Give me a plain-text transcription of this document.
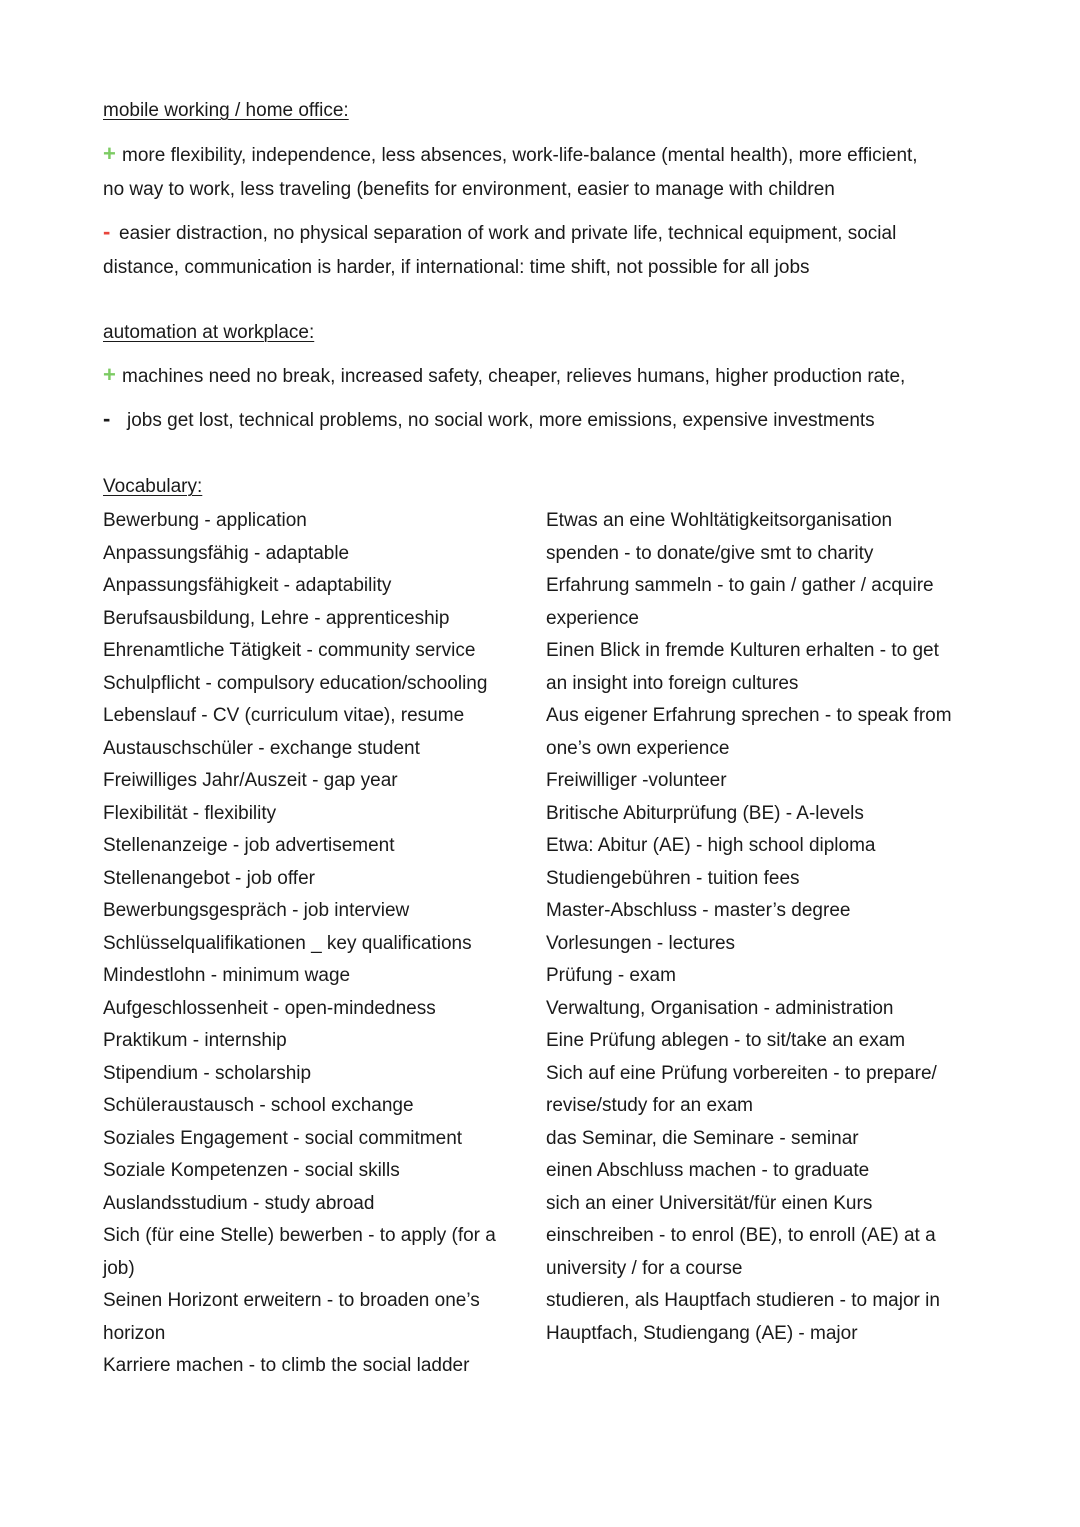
mobile working / home office:
+ more flexibility, independence, less absences, work-life-balance (mental health), more efficient,
no way to work, less traveling (benefits for environment, easier to manage with children
- easier distraction, no physical separation of work and private life, technical equipment, social
distance, communication is harder, if international: time shift, not possible for all jobs
automation at workplace:
+ machines need no break, increased safety, cheaper, relieves humans, higher production rate,
- jobs get lost, technical problems, no social work, more emissions, expensive investments
Vocabulary:
Bewerbung - application
Anpassungsfähig - adaptable
Anpassungsfähigkeit - adaptability
Berufsausbildung, Lehre - apprenticeship
Ehrenamtliche Tätigkeit - community service
Schulpflicht - compulsory education/schooling
Lebenslauf - CV (curriculum vitae), resume
Austauschschüler - exchange student
Freiwilliges Jahr/Auszeit - gap year
Flexibilität - flexibility
Stellenanzeige - job advertisement
Stellenangebot - job offer
Bewerbungsgespräch - job interview
Schlüsselqualifikationen _ key qualifications
Mindestlohn - minimum wage
Aufgeschlossenheit - open-mindedness
Praktikum - internship
Stipendium - scholarship
Schüleraustausch - school exchange
Soziales Engagement - social commitment
Soziale Kompetenzen - social skills
Auslandsstudium - study abroad
Sich (für eine Stelle) bewerben - to apply (for a
job)
Seinen Horizont erweitern - to broaden one’s
horizon
Karriere machen - to climb the social ladder
Etwas an eine Wohltätigkeitsorganisation
spenden - to donate/give smt to charity
Erfahrung sammeln - to gain / gather / acquire
experience
Einen Blick in fremde Kulturen erhalten - to get
an insight into foreign cultures
Aus eigener Erfahrung sprechen - to speak from
one’s own experience
Freiwilliger -volunteer
Britische Abiturprüfung (BE) - A-levels
Etwa: Abitur (AE) - high school diploma
Studiengebühren - tuition fees
Master-Abschluss - master’s degree
Vorlesungen - lectures
Prüfung - exam
Verwaltung, Organisation - administration
Eine Prüfung ablegen - to sit/take an exam
Sich auf eine Prüfung vorbereiten - to prepare/
revise/study for an exam
das Seminar, die Seminare - seminar
einen Abschluss machen - to graduate
sich an einer Universität/für einen Kurs
einschreiben - to enrol (BE), to enroll (AE) at a
university / for a course
studieren, als Hauptfach studieren - to major in
Hauptfach, Studiengang (AE) - major
